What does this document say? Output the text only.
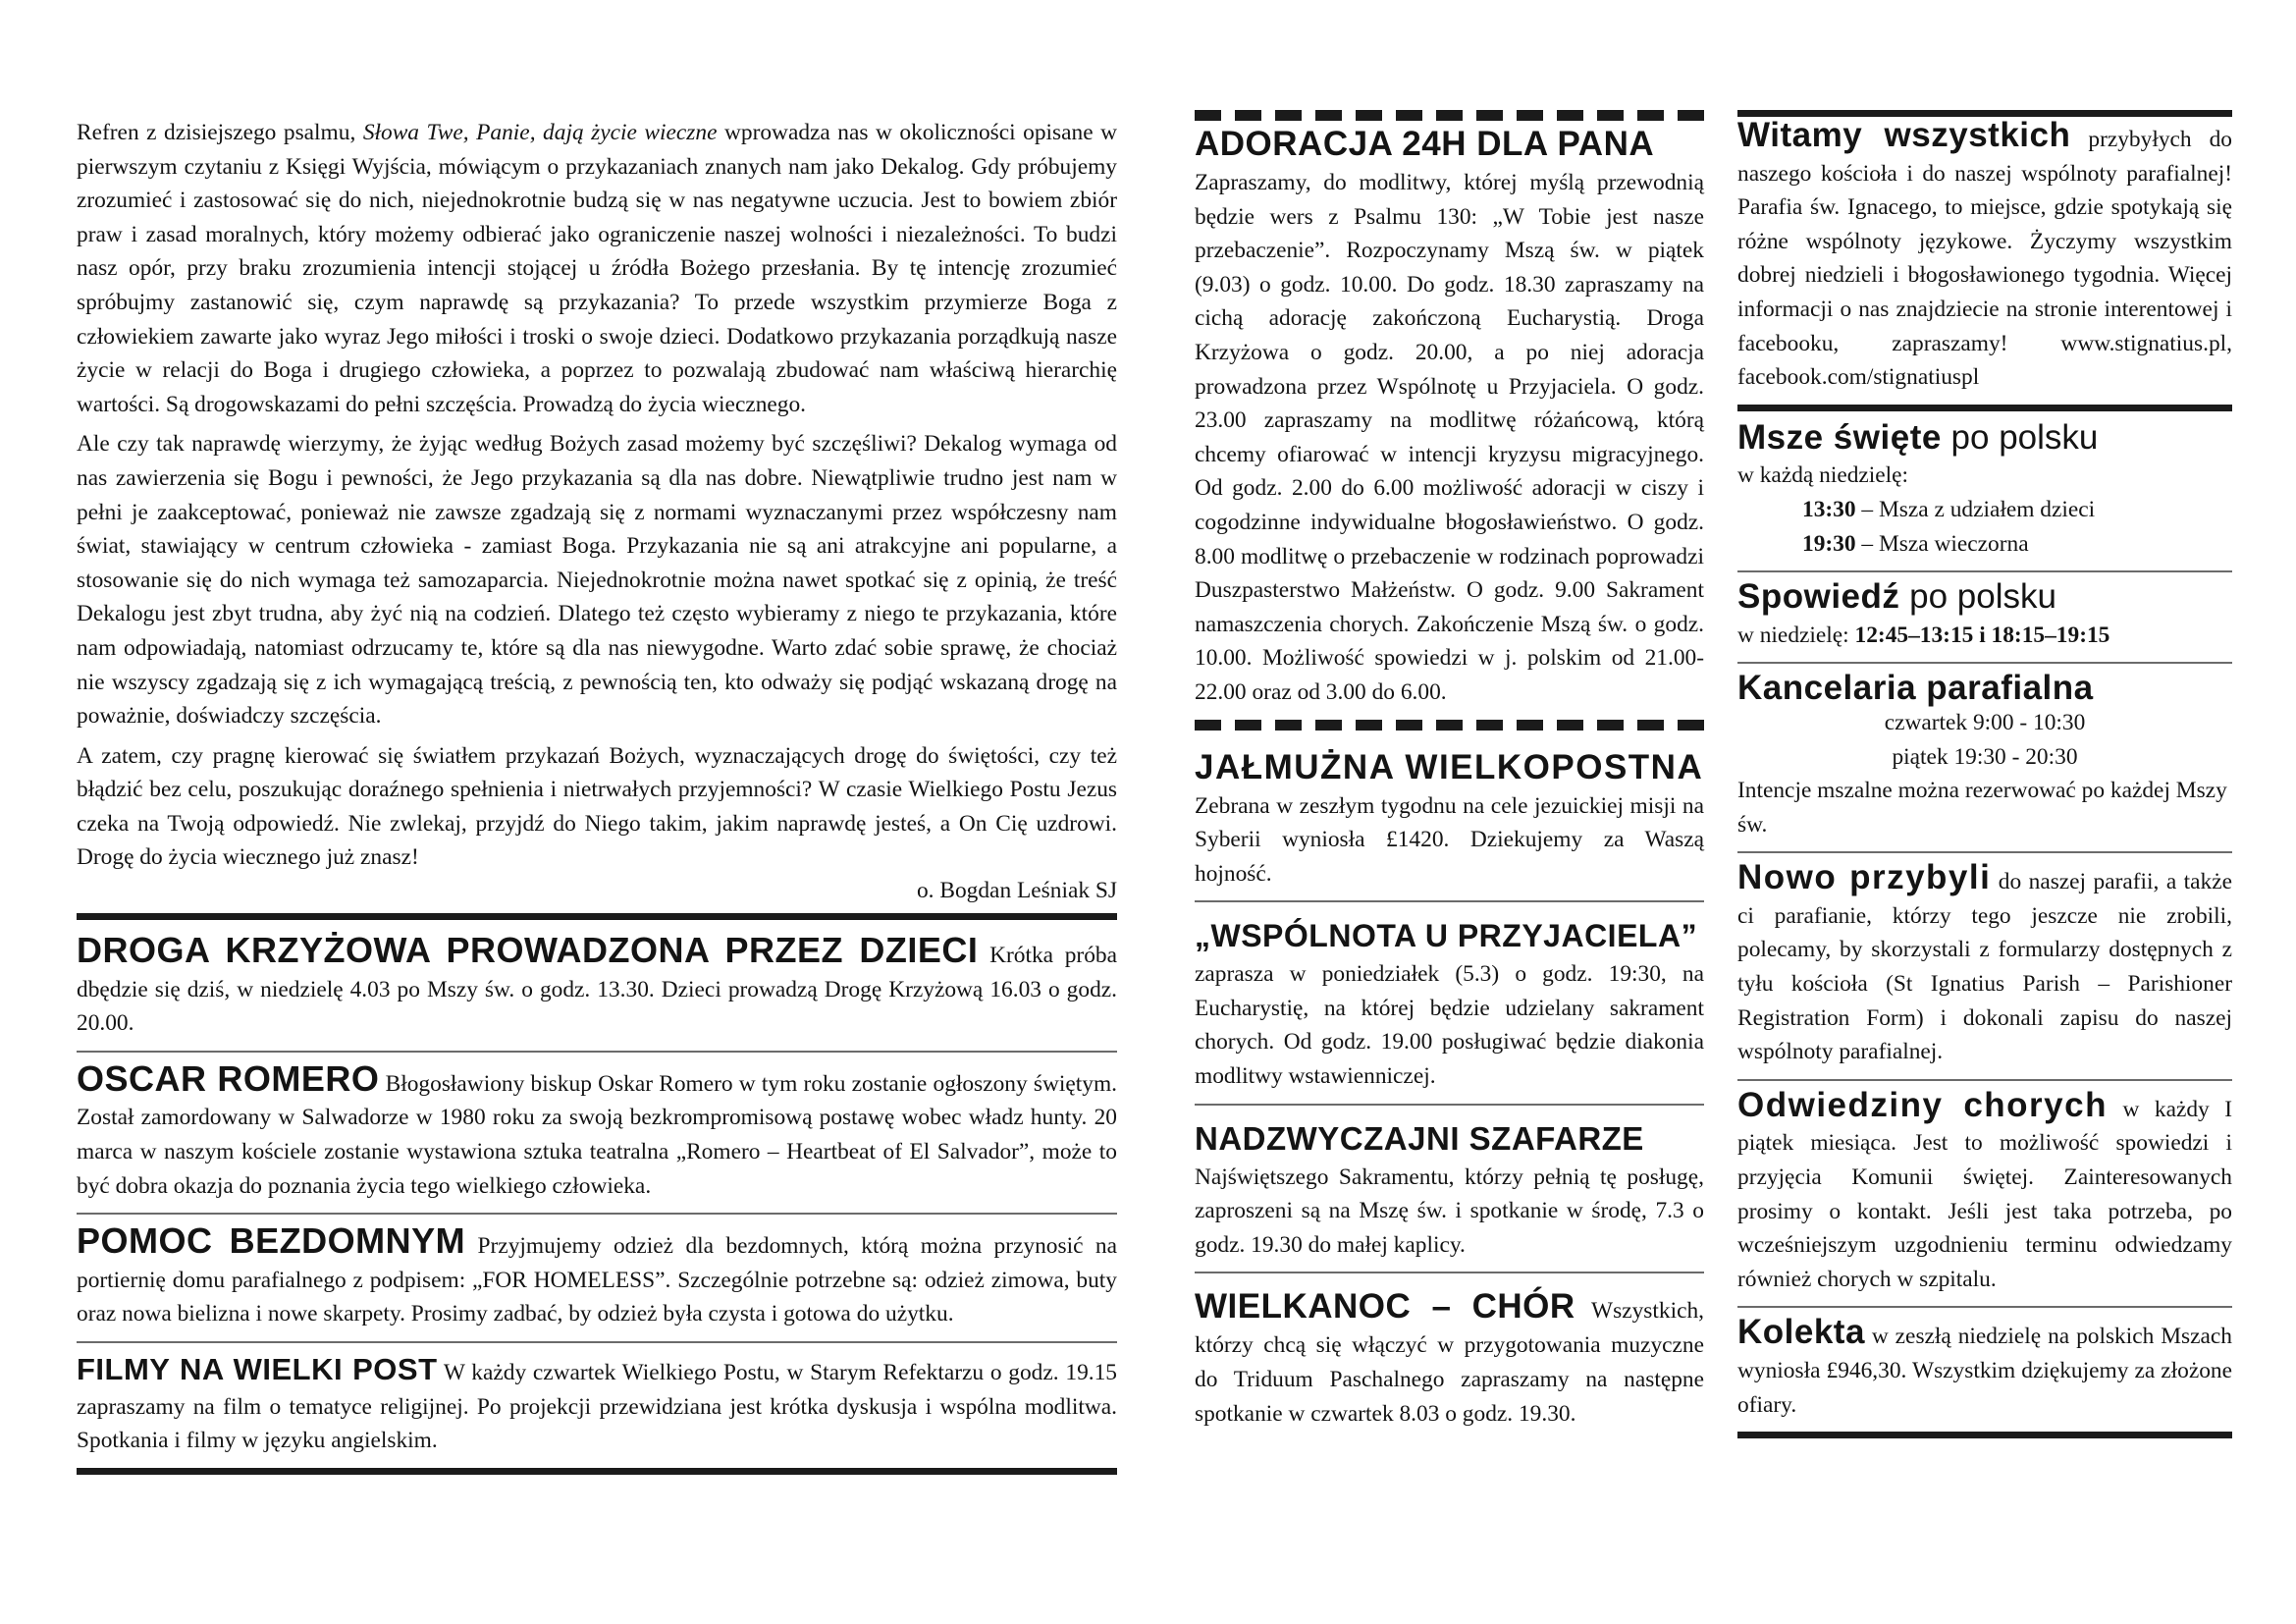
Refren z dzisiejszego psalmu, Słowa Twe, Panie, dają życie wieczne wprowadza nas w okoliczności opisane w pierwszym czytaniu z Księgi Wyjścia, mówiącym o przykazaniach znanych nam jako Dekalog. Gdy próbujemy zrozumieć i zastosować się do nich, niejednokrotnie budzą się w nas negatywne uczucia. Jest to bowiem zbiór praw i zasad moralnych, który możemy odbierać jako ograniczenie naszej wolności i niezależności. To budzi nasz opór, przy braku zrozumienia intencji stojącej u źródła Bożego przesłania. By tę intencję zrozumieć spróbujmy zastanowić się, czym naprawdę są przykazania? To przede wszystkim przymierze Boga z człowiekiem zawarte jako wyraz Jego miłości i troski o swoje dzieci. Dodatkowo przykazania porządkują nasze życie w relacji do Boga i drugiego człowieka, a poprzez to pozwalają zbudować nam właściwą hierarchię wartości. Są drogowskazami do pełni szczęścia. Prowadzą do życia wiecznego.

Ale czy tak naprawdę wierzymy, że żyjąc według Bożych zasad możemy być szczęśliwi? Dekalog wymaga od nas zawierzenia się Bogu i pewności, że Jego przykazania są dla nas dobre. Niewątpliwie trudno jest nam w pełni je zaakceptować, ponieważ nie zawsze zgadzają się z normami wyznaczanymi przez współczesny nam świat, stawiający w centrum człowieka - zamiast Boga. Przykazania nie są ani atrakcyjne ani popularne, a stosowanie się do nich wymaga też samozaparcia. Niejednokrotnie można nawet spotkać się z opinią, że treść Dekalogu jest zbyt trudna, aby żyć nią na codzień. Dlatego też często wybieramy z niego te przykazania, które nam odpowiadają, natomiast odrzucamy te, które są dla nas niewygodne. Warto zdać sobie sprawę, że chociaż nie wszyscy zgadzają się z ich wymagającą treścią, z pewnością ten, kto odważy się podjąć wskazaną drogę na poważnie, doświadczy szczęścia.

A zatem, czy pragnę kierować się światłem przykazań Bożych, wyznaczających drogę do świętości, czy też błądzić bez celu, poszukując doraźnego spełnienia i nietrwałych przyjemności? W czasie Wielkiego Postu Jezus czeka na Twoją odpowiedź. Nie zwlekaj, przyjdź do Niego takim, jakim naprawdę jesteś, a On Cię uzdrowi. Drogę do życia wiecznego już znasz!

o. Bogdan Leśniak SJ

DROGA KRZYŻOWA PROWADZONA PRZEZ DZIECI Krótka próba dbędzie się dziś, w niedzielę 4.03 po Mszy św. o godz. 13.30. Dzieci prowadzą Drogę Krzyżową 16.03 o godz. 20.00.
OSCAR ROMERO Błogosławiony biskup Oskar Romero w tym roku zostanie ogłoszony świętym. Został zamordowany w Salwadorze w 1980 roku za swoją bezkrompromisową postawę wobec władz hunty. 20 marca w naszym kościele zostanie wystawiona sztuka teatralna „Romero – Heartbeat of El Salvador”, może to być dobra okazja do poznania życia tego wielkiego człowieka.
POMOC BEZDOMNYM Przyjmujemy odzież dla bezdomnych, którą można przynosić na portiernię domu parafialnego z podpisem: „FOR HOMELESS”. Szczególnie potrzebne są: odzież zimowa, buty oraz nowa bielizna i nowe skarpety. Prosimy zadbać, by odzież była czysta i gotowa do użytku.
FILMY NA WIELKI POST W każdy czwartek Wielkiego Postu, w Starym Refektarzu o godz. 19.15 zapraszamy na film o tematyce religijnej. Po projekcji przewidziana jest krótka dyskusja i wspólna modlitwa. Spotkania i filmy w języku angielskim.
ADORACJA 24H DLA PANA
Zapraszamy, do modlitwy, której myślą przewodnią będzie wers z Psalmu 130: „W Tobie jest nasze przebaczenie”. Rozpoczynamy Mszą św. w piątek (9.03) o godz. 10.00. Do godz. 18.30 zapraszamy na cichą adorację zakończoną Eucharystią. Droga Krzyżowa o godz. 20.00, a po niej adoracja prowadzona przez Wspólnotę u Przyjaciela. O godz. 23.00 zapraszamy na modlitwę różańcową, którą chcemy ofiarować w intencji kryzysu migracyjnego. Od godz. 2.00 do 6.00 możliwość adoracji w ciszy i cogodzinne indywidualne błogosławieństwo. O godz. 8.00 modlitwę o przebaczenie w rodzinach poprowadzi Duszpasterstwo Małżeństw. O godz. 9.00 Sakrament namaszczenia chorych. Zakończenie Mszą św. o godz. 10.00. Możliwość spowiedzi w j. polskim od 21.00-22.00 oraz od 3.00 do 6.00.
JAŁMUŻNA WIELKOPOSTNA
Zebrana w zeszłym tygodnu na cele jezuickiej misji na Syberii wyniosła £1420. Dziekujemy za Waszą hojność.
„WSPÓLNOTA U PRZYJACIELA”
zaprasza w poniedziałek (5.3) o godz. 19:30, na Eucharystię, na której będzie udzielany sakrament chorych. Od godz. 19.00 posługiwać będzie diakonia modlitwy wstawienniczej.
NADZWYCZAJNI SZAFARZE
Najświętszego Sakramentu, którzy pełnią tę posługę, zaproszeni są na Mszę św. i spotkanie w środę, 7.3 o godz. 19.30 do małej kaplicy.
WIELKANOC – CHÓR Wszystkich, którzy chcą się włączyć w przygotowania muzyczne do Triduum Paschalnego zapraszamy na następne spotkanie w czwartek 8.03 o godz. 19.30.
Witamy wszystkich przybyłych do naszego kościoła i do naszej wspólnoty parafialnej! Parafia św. Ignacego, to miejsce, gdzie spotykają się różne wspólnoty językowe. Życzymy wszystkim dobrej niedzieli i błogosławionego tygodnia. Więcej informacji o nas znajdziecie na stronie interentowej i facebooku, zapraszamy! www.stignatius.pl, facebook.com/stignatiuspl
Msze święte po polsku
w każdą niedzielę:
13:30 – Msza z udziałem dzieci
19:30 – Msza wieczorna
Spowiedź po polsku
w niedzielę: 12:45–13:15 i 18:15–19:15
Kancelaria parafialna
czwartek 9:00 - 10:30
piątek 19:30 - 20:30
Intencje mszalne można rezerwować po każdej Mszy św.
Nowo przybyli do naszej parafii, a także ci parafianie, którzy tego jeszcze nie zrobili, polecamy, by skorzystali z formularzy dostępnych z tyłu kościoła (St Ignatius Parish – Parishioner Registration Form) i dokonali zapisu do naszej wspólnoty parafialnej.
Odwiedziny chorych w każdy I piątek miesiąca. Jest to możliwość spowiedzi i przyjęcia Komunii świętej. Zainteresowanych prosimy o kontakt. Jeśli jest taka potrzeba, po wcześniejszym uzgodnieniu terminu odwiedzamy również chorych w szpitalu.
Kolekta w zeszłą niedzielę na polskich Mszach wyniosła £946,30. Wszystkim dziękujemy za złożone ofiary.
